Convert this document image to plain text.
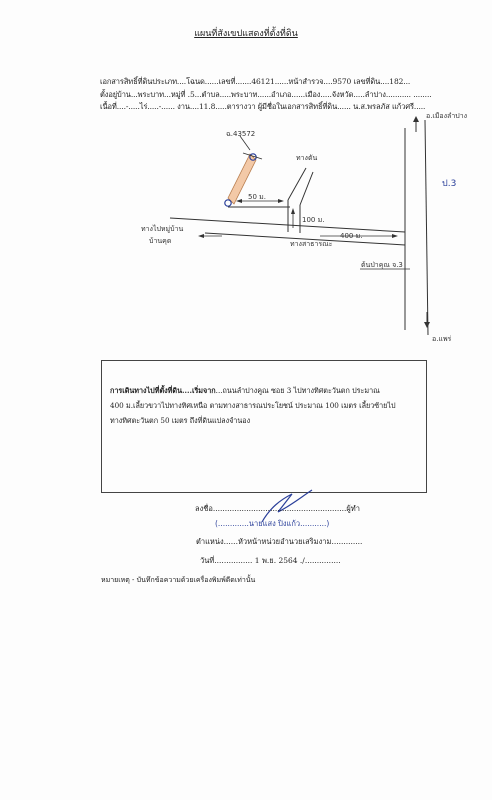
แผนที่สังเขปแสดงที่ตั้งที่ดิน
เอกสารสิทธิ์ที่ดินประเภท....โฉนด......เลขที่.......46121......หน้าสำรวจ....9570 เลขที่ดิน....182...
ตั้งอยู่บ้าน...พระบาท...หมู่ที่ .5...ตำบล.....พระบาท......อำเภอ......เมือง.....จังหวัด.....ลำปาง........... ........
เนื้อที่....-.....ไร่.....-...... งาน....11.8.....ตารางวา ผู้มีชื่อในเอกสารสิทธิ์ที่ดิน...... น.ส.พรลภัส แก้วศรี.....
อ.เมืองลำปาง
อ.แพร่
ทางสาธารณะ
400 ม.
ทางไปหมู่บ้าน
บ้านคุด
ต้นป่าคุณ จ.3
ทางตัน
100 ม.
50 ม.
ฉ.43572
ป.3
การเดินทางไปที่ตั้งที่ดิน....เริ่มจาก...ถนนลำปางคูณ ซอย 3 ไปทางทิศตะวันตก ประมาณ
400 ม.เลี้ยวขวาไปทางทิศเหนือ ตามทางสาธารณประโยชน์ ประมาณ 100 เมตร เลี้ยวซ้ายไป
ทางทิศตะวันตก 50 เมตร ถึงที่ดินแปลงจำนอง
ลงชื่อ........................................................ผู้ทำ
(.............นายแสง ปิงแก้ว...........)
ตำแหน่ง......หัวหน้าหน่วยอำนวยเสริมงาม.............
วันที่................ 1 พ.ย. 2564 ./...............
หมายเหตุ - บันทึกข้อความด้วยเครื่องพิมพ์ดีดเท่านั้น
